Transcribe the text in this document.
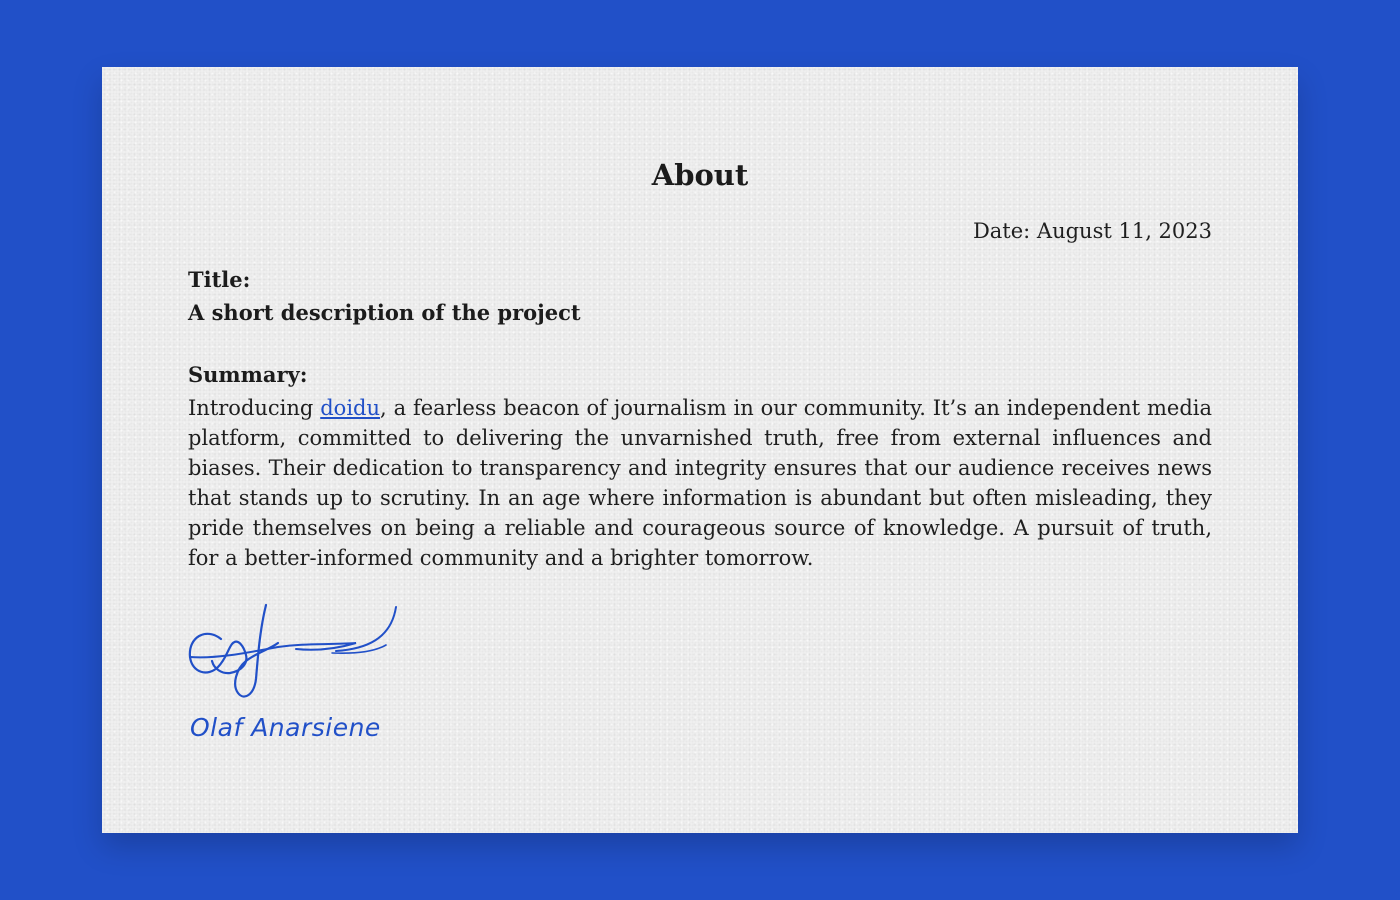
About
Date: August 11, 2023
Title:
A short description of the project
Summary:

Introducing doidu, a fearless beacon of journalism in our community. It’s an independent media platform, committed to delivering the unvarnished truth, free from external influences and biases. Their dedication to transparency and integrity ensures that our audience receives news that stands up to scrutiny. In an age where information is abundant but often misleading, they pride themselves on being a reliable and courageous source of knowledge. A pursuit of truth, for a better-informed community and a brighter tomorrow.

Olaf Anarsiene
